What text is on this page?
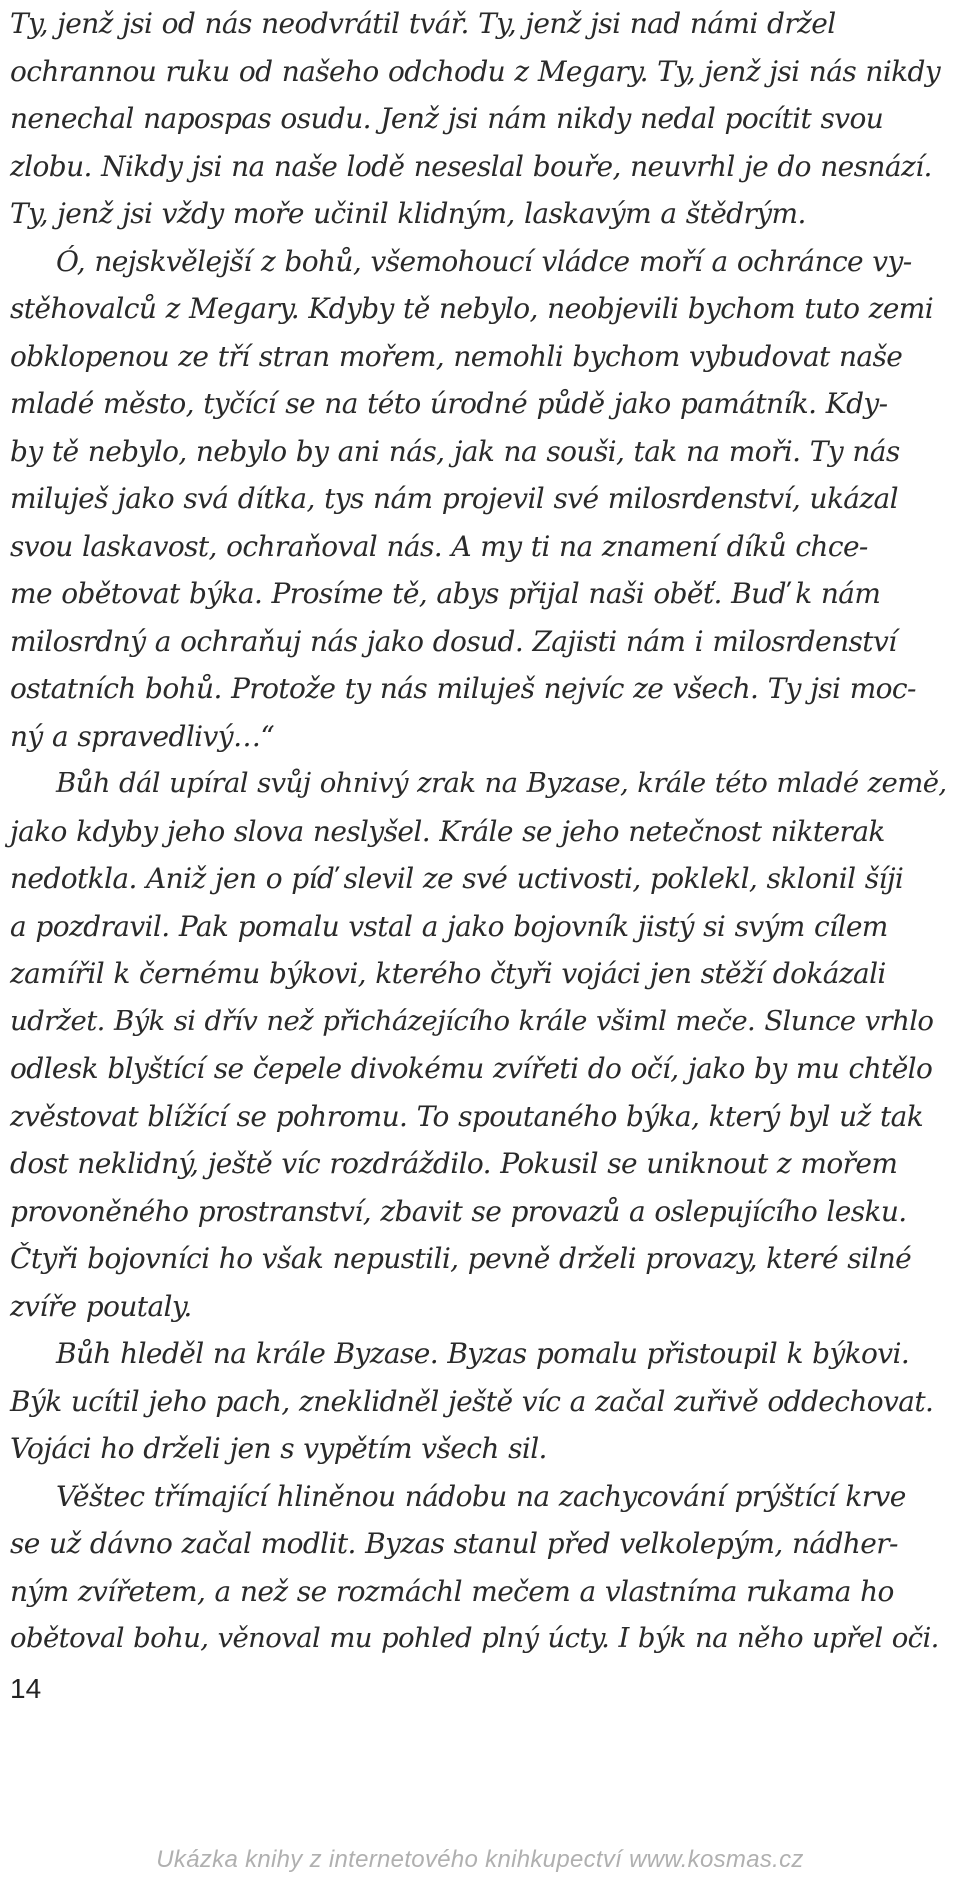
Ty, jenž jsi od nás neodvrátil tvář. Ty, jenž jsi nad námi držel
ochrannou ruku od našeho odchodu z Megary. Ty, jenž jsi nás nikdy
nenechal napospas osudu. Jenž jsi nám nikdy nedal pocítit svou
zlobu. Nikdy jsi na naše lodě neseslal bouře, neuvrhl je do nesnází.
Ty, jenž jsi vždy moře učinil klidným, laskavým a štědrým.
Ó, nejskvělejší z bohů, všemohoucí vládce moří a ochránce vy-
stěhovalců z Megary. Kdyby tě nebylo, neobjevili bychom tuto zemi
obklopenou ze tří stran mořem, nemohli bychom vybudovat naše
mladé město, tyčící se na této úrodné půdě jako památník. Kdy-
by tě nebylo, nebylo by ani nás, jak na souši, tak na moři. Ty nás
miluješ jako svá dítka, tys nám projevil své milosrdenství, ukázal
svou laskavost, ochraňoval nás. A my ti na znamení díků chce-
me obětovat býka. Prosíme tě, abys přijal naši oběť. Buď k nám
milosrdný a ochraňuj nás jako dosud. Zajisti nám i milosrdenství
ostatních bohů. Protože ty nás miluješ nejvíc ze všech. Ty jsi moc-
ný a spravedlivý…“
Bůh dál upíral svůj ohnivý zrak na Byzase, krále této mladé země,
jako kdyby jeho slova neslyšel. Krále se jeho netečnost nikterak
nedotkla. Aniž jen o píď slevil ze své uctivosti, poklekl, sklonil šíji
a pozdravil. Pak pomalu vstal a jako bojovník jistý si svým cílem
zamířil k černému býkovi, kterého čtyři vojáci jen stěží dokázali
udržet. Býk si dřív než přicházejícího krále všiml meče. Slunce vrhlo
odlesk blyštící se čepele divokému zvířeti do očí, jako by mu chtělo
zvěstovat blížící se pohromu. To spoutaného býka, který byl už tak
dost neklidný, ještě víc rozdráždilo. Pokusil se uniknout z mořem
provoněného prostranství, zbavit se provazů a oslepujícího lesku.
Čtyři bojovníci ho však nepustili, pevně drželi provazy, které silné
zvíře poutaly.
Bůh hleděl na krále Byzase. Byzas pomalu přistoupil k býkovi.
Býk ucítil jeho pach, zneklidněl ještě víc a začal zuřivě oddechovat.
Vojáci ho drželi jen s vypětím všech sil.
Věštec třímající hliněnou nádobu na zachycování prýštící krve
se už dávno začal modlit. Byzas stanul před velkolepým, nádher-
ným zvířetem, a než se rozmáchl mečem a vlastníma rukama ho
obětoval bohu, věnoval mu pohled plný úcty. I býk na něho upřel oči.
14
Ukázka knihy z internetového knihkupectví www.kosmas.cz
